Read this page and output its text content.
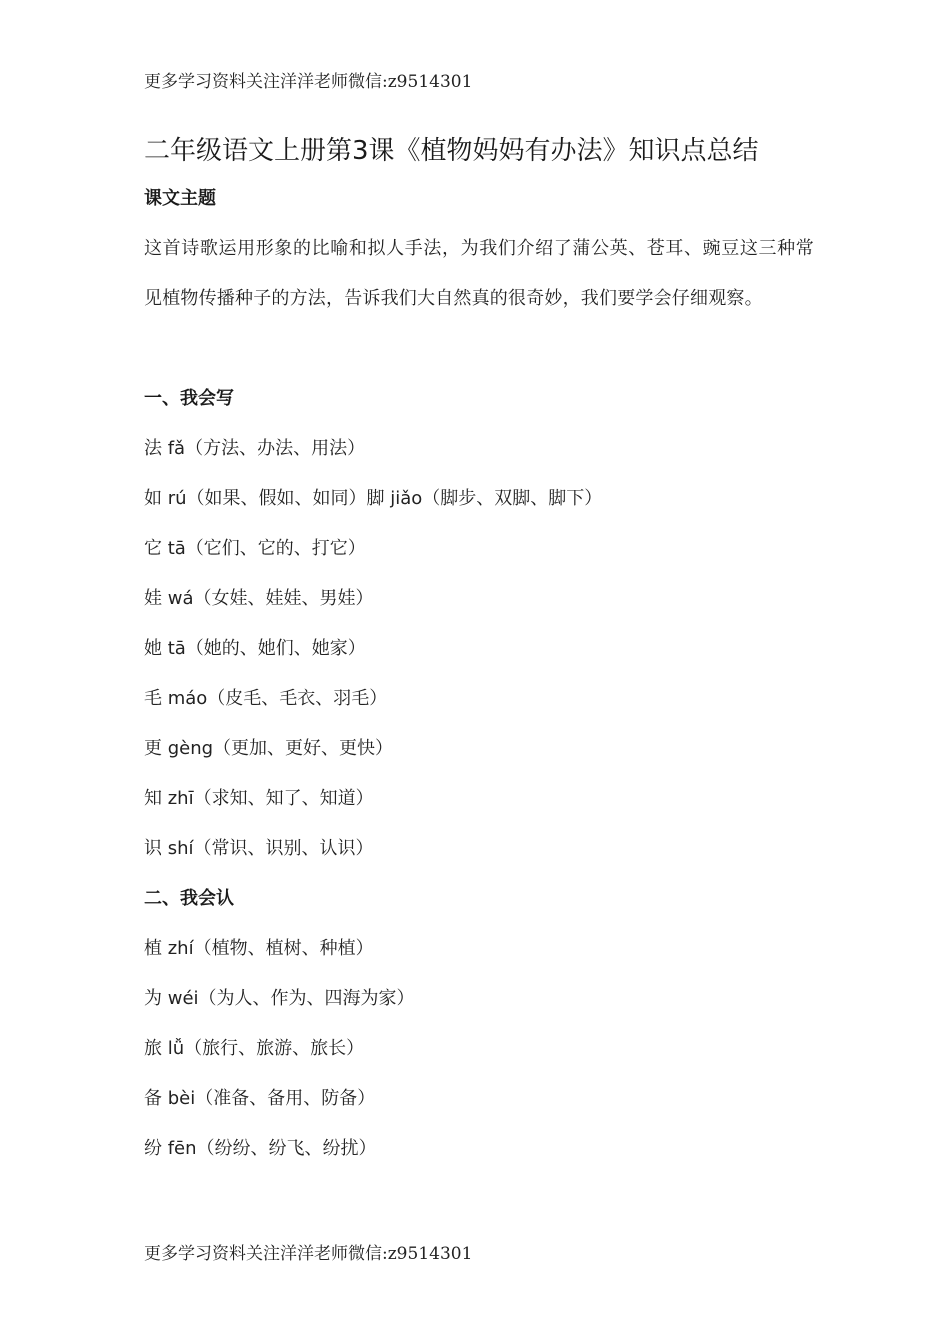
更多学习资料关注洋洋老师微信:z9514301
二年级语文上册第3课《植物妈妈有办法》知识点总结
课文主题

这首诗歌运用形象的比喻和拟人手法，为我们介绍了蒲公英、苍耳、豌豆这三种常见植物传播种子的方法，告诉我们大自然真的很奇妙，我们要学会仔细观察。

一、我会写

法 fǎ（方法、办法、用法）

如 rú（如果、假如、如同）脚 jiǎo（脚步、双脚、脚下）

它 tā（它们、它的、打它）

娃 wá（女娃、娃娃、男娃）

她 tā（她的、她们、她家）

毛 máo（皮毛、毛衣、羽毛）

更 gèng（更加、更好、更快）

知 zhī（求知、知了、知道）

识 shí（常识、识别、认识）

二、我会认

植 zhí（植物、植树、种植）

为 wéi（为人、作为、四海为家）

旅 lǚ（旅行、旅游、旅长）

备 bèi（准备、备用、防备）

纷 fēn（纷纷、纷飞、纷扰）

更多学习资料关注洋洋老师微信:z9514301
